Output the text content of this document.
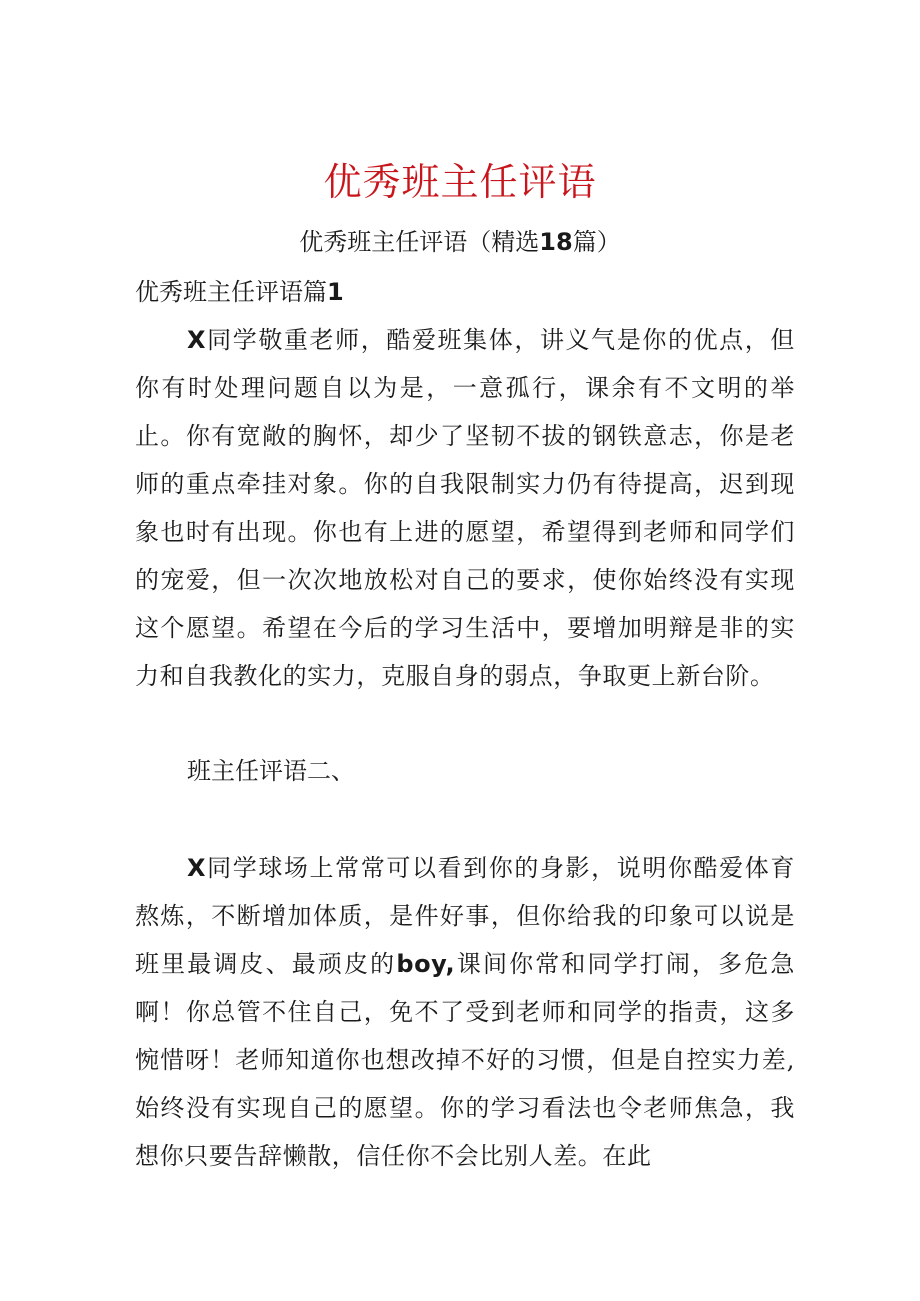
优秀班主任评语
优秀班主任评语（精选18篇）
优秀班主任评语篇1
X同学敬重老师，酷爱班集体，讲义气是你的优点，但你有时处理问题自以为是，一意孤行，课余有不文明的举止。你有宽敞的胸怀，却少了坚韧不拔的钢铁意志，你是老师的重点牵挂对象。你的自我限制实力仍有待提高，迟到现象也时有出现。你也有上进的愿望，希望得到老师和同学们的宠爱，但一次次地放松对自己的要求，使你始终没有实现这个愿望。希望在今后的学习生活中，要增加明辩是非的实力和自我教化的实力，克服自身的弱点，争取更上新台阶。
班主任评语二、
X同学球场上常常可以看到你的身影，说明你酷爱体育熬炼，不断增加体质，是件好事，但你给我的印象可以说是班里最调皮、最顽皮的boy,课间你常和同学打闹，多危急啊！你总管不住自己，免不了受到老师和同学的指责，这多惋惜呀！老师知道你也想改掉不好的习惯，但是自控实力差,始终没有实现自己的愿望。你的学习看法也令老师焦急，我想你只要告辞懒散，信任你不会比别人差。在此
